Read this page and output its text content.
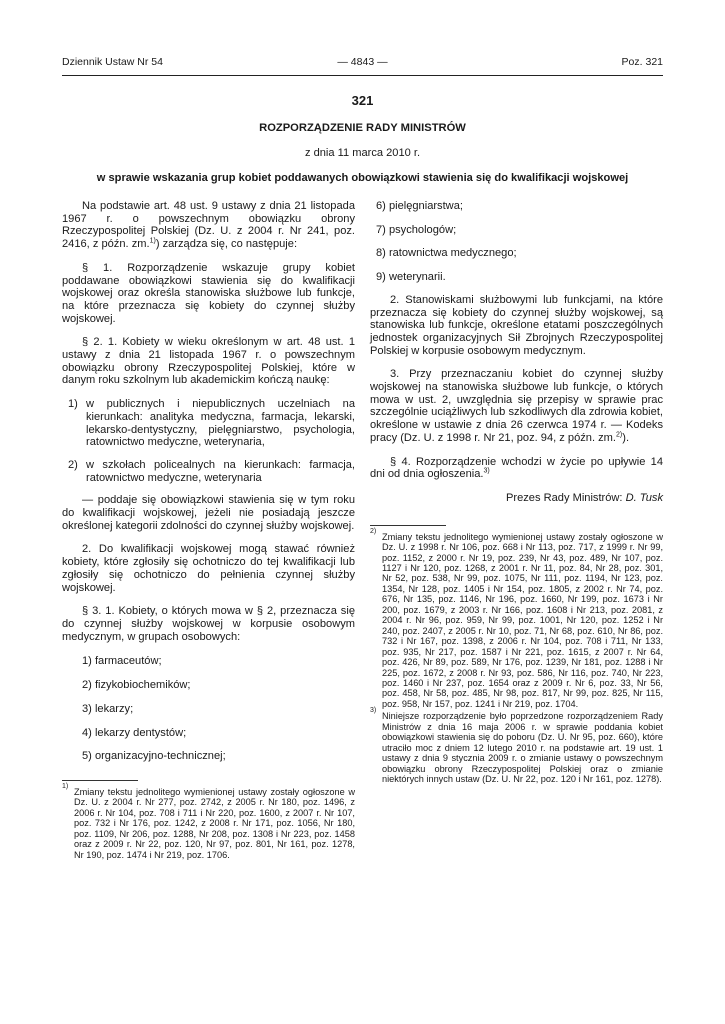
Dziennik Ustaw Nr 54	— 4843 —	Poz. 321
321
ROZPORZĄDZENIE RADY MINISTRÓW
z dnia 11 marca 2010 r.
w sprawie wskazania grup kobiet poddawanych obowiązkowi stawienia się do kwalifikacji wojskowej

Na podstawie art. 48 ust. 9 ustawy z dnia 21 listopada 1967 r. o powszechnym obowiązku obrony Rzeczypospolitej Polskiej (Dz. U. z 2004 r. Nr 241, poz. 2416, z późn. zm.$^{1)}$) zarządza się, co następuje:

§ 1. Rozporządzenie wskazuje grupy kobiet poddawane obowiązkowi stawienia się do kwalifikacji wojskowej oraz określa stanowiska służbowe lub funkcje, na które przeznacza się kobiety do czynnej służby wojskowej.

§ 2. 1. Kobiety w wieku określonym w art. 48 ust. 1 ustawy z dnia 21 listopada 1967 r. o powszechnym obowiązku obrony Rzeczypospolitej Polskiej, które w danym roku szkolnym lub akademickim kończą naukę:

1) w publicznych i niepublicznych uczelniach na kierunkach: analityka medyczna, farmacja, lekarski, lekarsko-dentystyczny, pielęgniarstwo, psychologia, ratownictwo medyczne, weterynaria,
2) w szkołach policealnych na kierunkach: farmacja, ratownictwo medyczne, weterynaria

— poddaje się obowiązkowi stawienia się w tym roku do kwalifikacji wojskowej, jeżeli nie posiadają jeszcze określonej kategorii zdolności do czynnej służby wojskowej.

2. Do kwalifikacji wojskowej mogą stawać również kobiety, które zgłosiły się ochotniczo do tej kwalifikacji lub zgłosiły się ochotniczo do pełnienia czynnej służby wojskowej.

§ 3. 1. Kobiety, o których mowa w § 2, przeznacza się do czynnej służby wojskowej w korpusie osobowym medycznym, w grupach osobowych:

1) farmaceutów;
2) fizykobiochemików;
3) lekarzy;
4) lekarzy dentystów;
5) organizacyjno-technicznej;
1)
Zmiany tekstu jednolitego wymienionej ustawy zostały ogłoszone w Dz. U. z 2004 r. Nr 277, poz. 2742, z 2005 r. Nr 180, poz. 1496, z 2006 r. Nr 104, poz. 708 i 711 i Nr 220, poz. 1600, z 2007 r. Nr 107, poz. 732 i Nr 176, poz. 1242, z 2008 r. Nr 171, poz. 1056, Nr 180, poz. 1109, Nr 206, poz. 1288, Nr 208, poz. 1308 i Nr 223, poz. 1458 oraz z 2009 r. Nr 22, poz. 120, Nr 97, poz. 801, Nr 161, poz. 1278, Nr 190, poz. 1474 i Nr 219, poz. 1706.
6) pielęgniarstwa;
7) psychologów;
8) ratownictwa medycznego;
9) weterynarii.

2. Stanowiskami służbowymi lub funkcjami, na które przeznacza się kobiety do czynnej służby wojskowej, są stanowiska lub funkcje, określone etatami poszczególnych jednostek organizacyjnych Sił Zbrojnych Rzeczypospolitej Polskiej w korpusie osobowym medycznym.

3. Przy przeznaczaniu kobiet do czynnej służby wojskowej na stanowiska służbowe lub funkcje, o których mowa w ust. 2, uwzględnia się przepisy w sprawie prac szczególnie uciążliwych lub szkodliwych dla zdrowia kobiet, określone w ustawie z dnia 26 czerwca 1974 r. — Kodeks pracy (Dz. U. z 1998 r. Nr 21, poz. 94, z późn. zm.$^{2)}$).

§ 4. Rozporządzenie wchodzi w życie po upływie 14 dni od dnia ogłoszenia.$^{3)}$

Prezes Rady Ministrów: D. Tusk

2)
Zmiany tekstu jednolitego wymienionej ustawy zostały ogłoszone w Dz. U. z 1998 r. Nr 106, poz. 668 i Nr 113, poz. 717, z 1999 r. Nr 99, poz. 1152, z 2000 r. Nr 19, poz. 239, Nr 43, poz. 489, Nr 107, poz. 1127 i Nr 120, poz. 1268, z 2001 r. Nr 11, poz. 84, Nr 28, poz. 301, Nr 52, poz. 538, Nr 99, poz. 1075, Nr 111, poz. 1194, Nr 123, poz. 1354, Nr 128, poz. 1405 i Nr 154, poz. 1805, z 2002 r. Nr 74, poz. 676, Nr 135, poz. 1146, Nr 196, poz. 1660, Nr 199, poz. 1673 i Nr 200, poz. 1679, z 2003 r. Nr 166, poz. 1608 i Nr 213, poz. 2081, z 2004 r. Nr 96, poz. 959, Nr 99, poz. 1001, Nr 120, poz. 1252 i Nr 240, poz. 2407, z 2005 r. Nr 10, poz. 71, Nr 68, poz. 610, Nr 86, poz. 732 i Nr 167, poz. 1398, z 2006 r. Nr 104, poz. 708 i 711, Nr 133, poz. 935, Nr 217, poz. 1587 i Nr 221, poz. 1615, z 2007 r. Nr 64, poz. 426, Nr 89, poz. 589, Nr 176, poz. 1239, Nr 181, poz. 1288 i Nr 225, poz. 1672, z 2008 r. Nr 93, poz. 586, Nr 116, poz. 740, Nr 223, poz. 1460 i Nr 237, poz. 1654 oraz z 2009 r. Nr 6, poz. 33, Nr 56, poz. 458, Nr 58, poz. 485, Nr 98, poz. 817, Nr 99, poz. 825, Nr 115, poz. 958, Nr 157, poz. 1241 i Nr 219, poz. 1704.
3)
Niniejsze rozporządzenie było poprzedzone rozporządzeniem Rady Ministrów z dnia 16 maja 2006 r. w sprawie poddania kobiet obowiązkowi stawienia się do poboru (Dz. U. Nr 95, poz. 660), które utraciło moc z dniem 12 lutego 2010 r. na podstawie art. 19 ust. 1 ustawy z dnia 9 stycznia 2009 r. o zmianie ustawy o powszechnym obowiązku obrony Rzeczypospolitej Polskiej oraz o zmianie niektórych innych ustaw (Dz. U. Nr 22, poz. 120 i Nr 161, poz. 1278).
